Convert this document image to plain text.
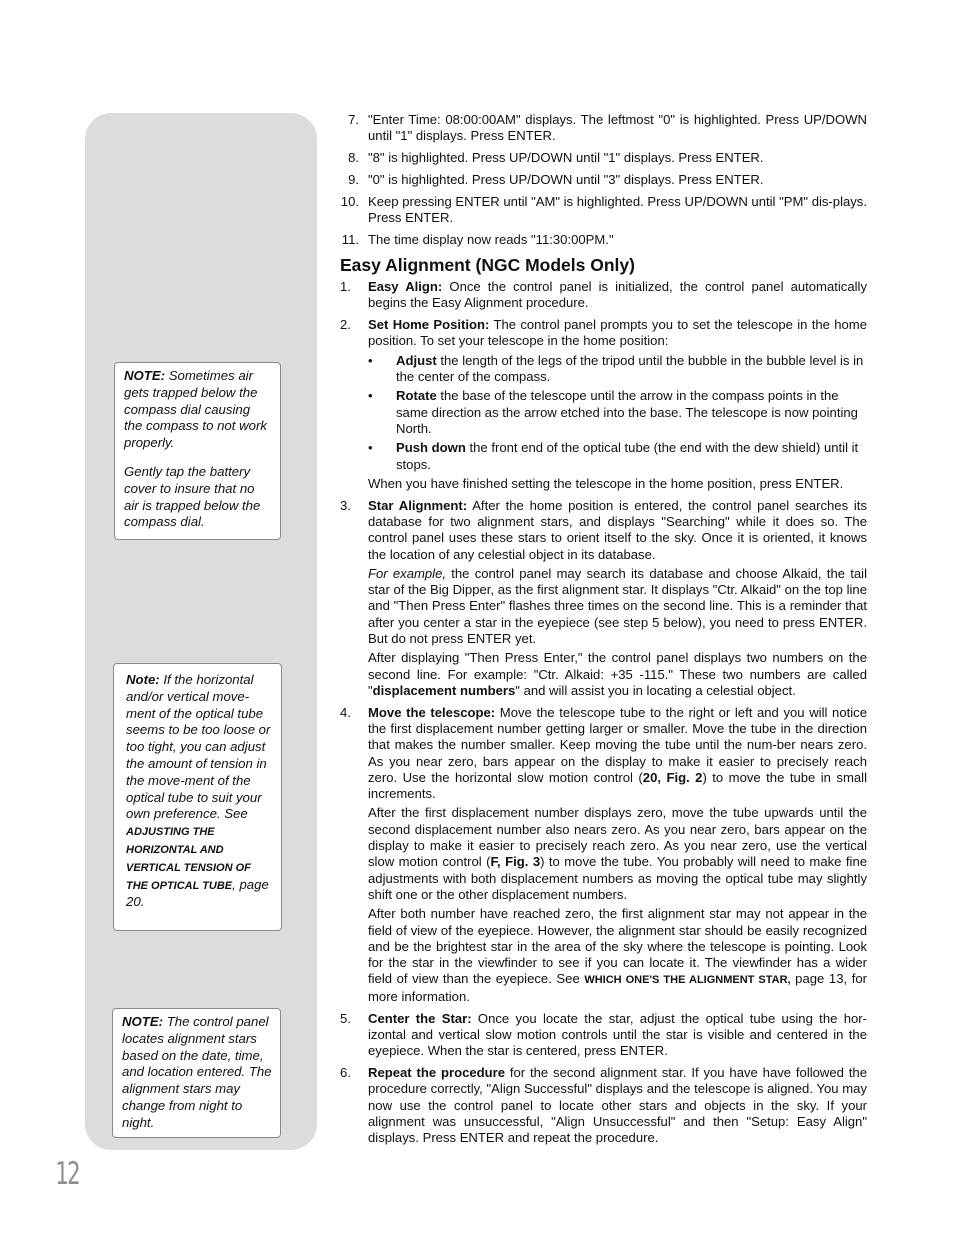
NOTE: Sometimes air gets trapped below the compass dial causing the compass to not work properly.

Gently tap the battery cover to insure that no air is trapped below the compass dial.

Note: If the horizontal and/or vertical move-ment of the optical tube seems to be too loose or too tight, you can adjust the amount of tension in the move-ment of the optical tube to suit your own preference. See ADJUSTING THE HORIZONTAL AND VERTICAL TENSION OF THE OPTICAL TUBE, page 20.

NOTE: The control panel locates alignment stars based on the date, time, and location entered. The alignment stars may change from night to night.

12
7. "Enter Time: 08:00:00AM" displays. The leftmost "0" is highlighted. Press UP/DOWN until "1" displays. Press ENTER.

8. "8" is highlighted. Press UP/DOWN until "1" displays. Press ENTER.

9. "0" is highlighted. Press UP/DOWN until "3" displays. Press ENTER.

10. Keep pressing ENTER until "AM" is highlighted. Press UP/DOWN until "PM" dis-plays. Press ENTER.

11. The time display now reads "11:30:00PM."

Easy Alignment (NGC Models Only)
1.	Easy Align: Once the control panel is initialized, the control panel automatically begins the Easy Alignment procedure.

2.	Set Home Position: The control panel prompts you to set the telescope in the home position. To set your telescope in the home position:

• Adjust the length of the legs of the tripod until the bubble in the bubble level is in the center of the compass.
• Rotate the base of the telescope until the arrow in the compass points in the same direction as the arrow etched into the base. The telescope is now pointing North.
• Push down the front end of the optical tube (the end with the dew shield) until it stops.

When you have finished setting the telescope in the home position, press ENTER.

3.	Star Alignment: After the home position is entered, the control panel searches its database for two alignment stars, and displays "Searching" while it does so. The control panel uses these stars to orient itself to the sky. Once it is oriented, it knows the location of any celestial object in its database.

For example, the control panel may search its database and choose Alkaid, the tail star of the Big Dipper, as the first alignment star. It displays "Ctr. Alkaid" on the top line and "Then Press Enter" flashes three times on the second line. This is a reminder that after you center a star in the eyepiece (see step 5 below), you need to press ENTER. But do not press ENTER yet.

After displaying "Then Press Enter," the control panel displays two numbers on the second line. For example: "Ctr. Alkaid: +35 -115." These two numbers are called "displacement numbers" and will assist you in locating a celestial object.

4.	Move the telescope: Move the telescope tube to the right or left and you will notice the first displacement number getting larger or smaller. Move the tube in the direction that makes the number smaller. Keep moving the tube until the num-ber nears zero. As you near zero, bars appear on the display to make it easier to precisely reach zero. Use the horizontal slow motion control (20, Fig. 2) to move the tube in small increments.

After the first displacement number displays zero, move the tube upwards until the second displacement number also nears zero. As you near zero, bars appear on the display to make it easier to precisely reach zero. As you near zero, use the vertical slow motion control (F, Fig. 3) to move the tube. You probably will need to make fine adjustments with both displacement numbers as moving the optical tube may slightly shift one or the other displacement numbers.

After both number have reached zero, the first alignment star may not appear in the field of view of the eyepiece. However, the alignment star should be easily recognized and be the brightest star in the area of the sky where the telescope is pointing. Look for the star in the viewfinder to see if you can locate it. The viewfinder has a wider field of view than the eyepiece. See WHICH ONE'S THE ALIGNMENT STAR, page 13, for more information.

5.	Center the Star: Once you locate the star, adjust the optical tube using the hor-izontal and vertical slow motion controls until the star is visible and centered in the eyepiece. When the star is centered, press ENTER.

6.	Repeat the procedure for the second alignment star. If you have have followed the procedure correctly, "Align Successful" displays and the telescope is aligned. You may now use the control panel to locate other stars and objects in the sky. If your alignment was unsuccessful, "Align Unsuccessful" and then "Setup: Easy Align" displays. Press ENTER and repeat the procedure.
